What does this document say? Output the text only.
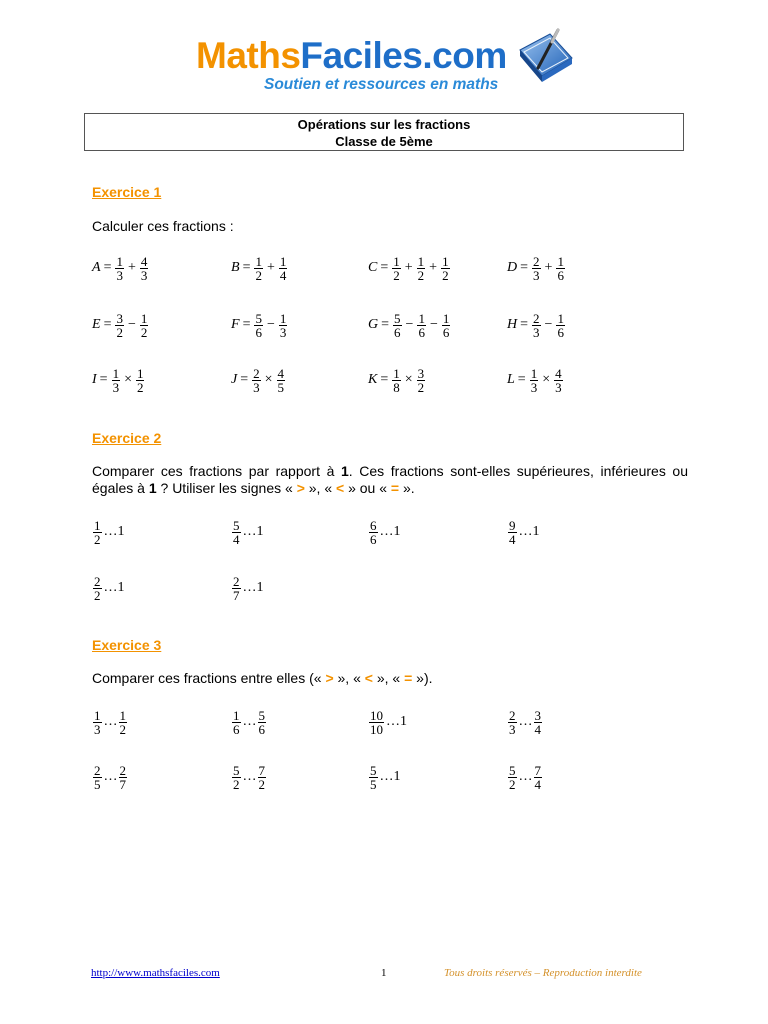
MathsFaciles.com
Soutien et ressources en maths
Opérations sur les fractions
Classe de 5ème
Exercice 1
Calculer ces fractions :
$A = \frac{1}{3} + \frac{4}{3}$	$B = \frac{1}{2} + \frac{1}{4}$	$C = \frac{1}{2} + \frac{1}{2} + \frac{1}{2}$	$D = \frac{2}{3} + \frac{1}{6}$
$E = \frac{3}{2} - \frac{1}{2}$	$F = \frac{5}{6} - \frac{1}{3}$	$G = \frac{5}{6} - \frac{1}{6} - \frac{1}{6}$	$H = \frac{2}{3} - \frac{1}{6}$
$I = \frac{1}{3} \times \frac{1}{2}$	$J = \frac{2}{3} \times \frac{4}{5}$	$K = \frac{1}{8} \times \frac{3}{2}$	$L = \frac{1}{3} \times \frac{4}{3}$
Exercice 2
Comparer ces fractions par rapport à 1. Ces fractions sont-elles supérieures, inférieures ou égales à 1 ? Utiliser les signes « > », « < » ou « = ».
$\frac{1}{2}$ … 1	$\frac{5}{4}$ … 1	$\frac{6}{6}$ … 1	$\frac{9}{4}$ … 1
$\frac{2}{2}$ … 1	$\frac{2}{7}$ … 1
Exercice 3
Comparer ces fractions entre elles (« > », « < », « = »).
$\frac{1}{3}$ … $\frac{1}{2}$	$\frac{1}{6}$ … $\frac{5}{6}$	$\frac{10}{10}$ … 1	$\frac{2}{3}$ … $\frac{3}{4}$
$\frac{2}{5}$ … $\frac{2}{7}$	$\frac{5}{2}$ … $\frac{7}{2}$	$\frac{5}{5}$ … 1	$\frac{5}{2}$ … $\frac{7}{4}$
http://www.mathsfaciles.com	1	Tous droits réservés – Reproduction interdite
